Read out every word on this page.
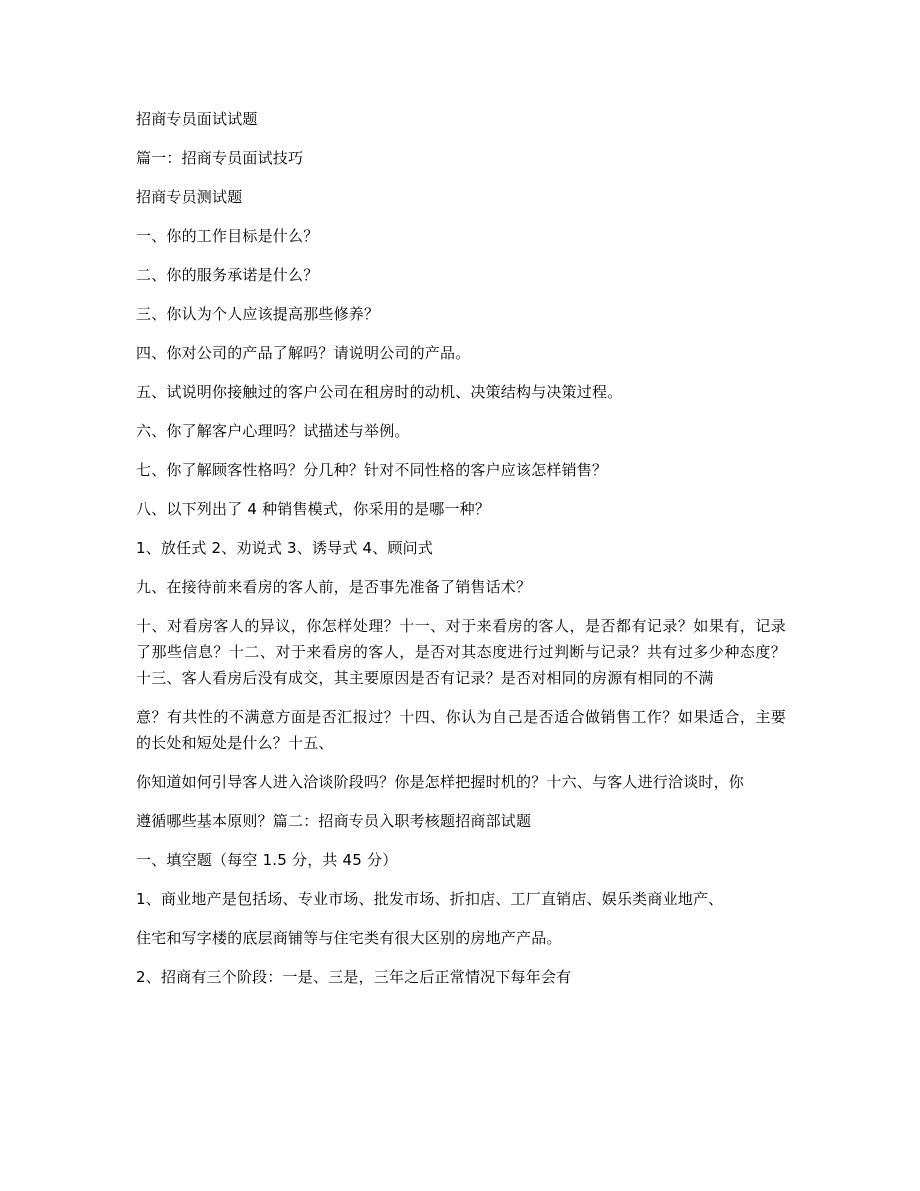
招商专员面试试题

篇一：招商专员面试技巧

招商专员测试题

一、你的工作目标是什么？

二、你的服务承诺是什么？

三、你认为个人应该提高那些修养？

四、你对公司的产品了解吗？请说明公司的产品。

五、试说明你接触过的客户公司在租房时的动机、决策结构与决策过程。

六、你了解客户心理吗？试描述与举例。

七、你了解顾客性格吗？分几种？针对不同性格的客户应该怎样销售？

八、以下列出了 4 种销售模式，你采用的是哪一种？

1、放任式 2、劝说式 3、诱导式 4、顾问式

九、在接待前来看房的客人前，是否事先准备了销售话术？

十、对看房客人的异议，你怎样处理？十一、对于来看房的客人，是否都有记录？如果有，记录了那些信息？十二、对于来看房的客人，是否对其态度进行过判断与记录？共有过多少种态度？十三、客人看房后没有成交，其主要原因是否有记录？是否对相同的房源有相同的不满

意？有共性的不满意方面是否汇报过？十四、你认为自己是否适合做销售工作？如果适合，主要的长处和短处是什么？十五、

你知道如何引导客人进入洽谈阶段吗？你是怎样把握时机的？十六、与客人进行洽谈时，你

遵循哪些基本原则？篇二：招商专员入职考核题招商部试题

一、填空题（每空 1.5 分，共 45 分）

1、商业地产是包括场、专业市场、批发市场、折扣店、工厂直销店、娱乐类商业地产、

住宅和写字楼的底层商铺等与住宅类有很大区别的房地产产品。

2、招商有三个阶段：一是、三是，三年之后正常情况下每年会有
